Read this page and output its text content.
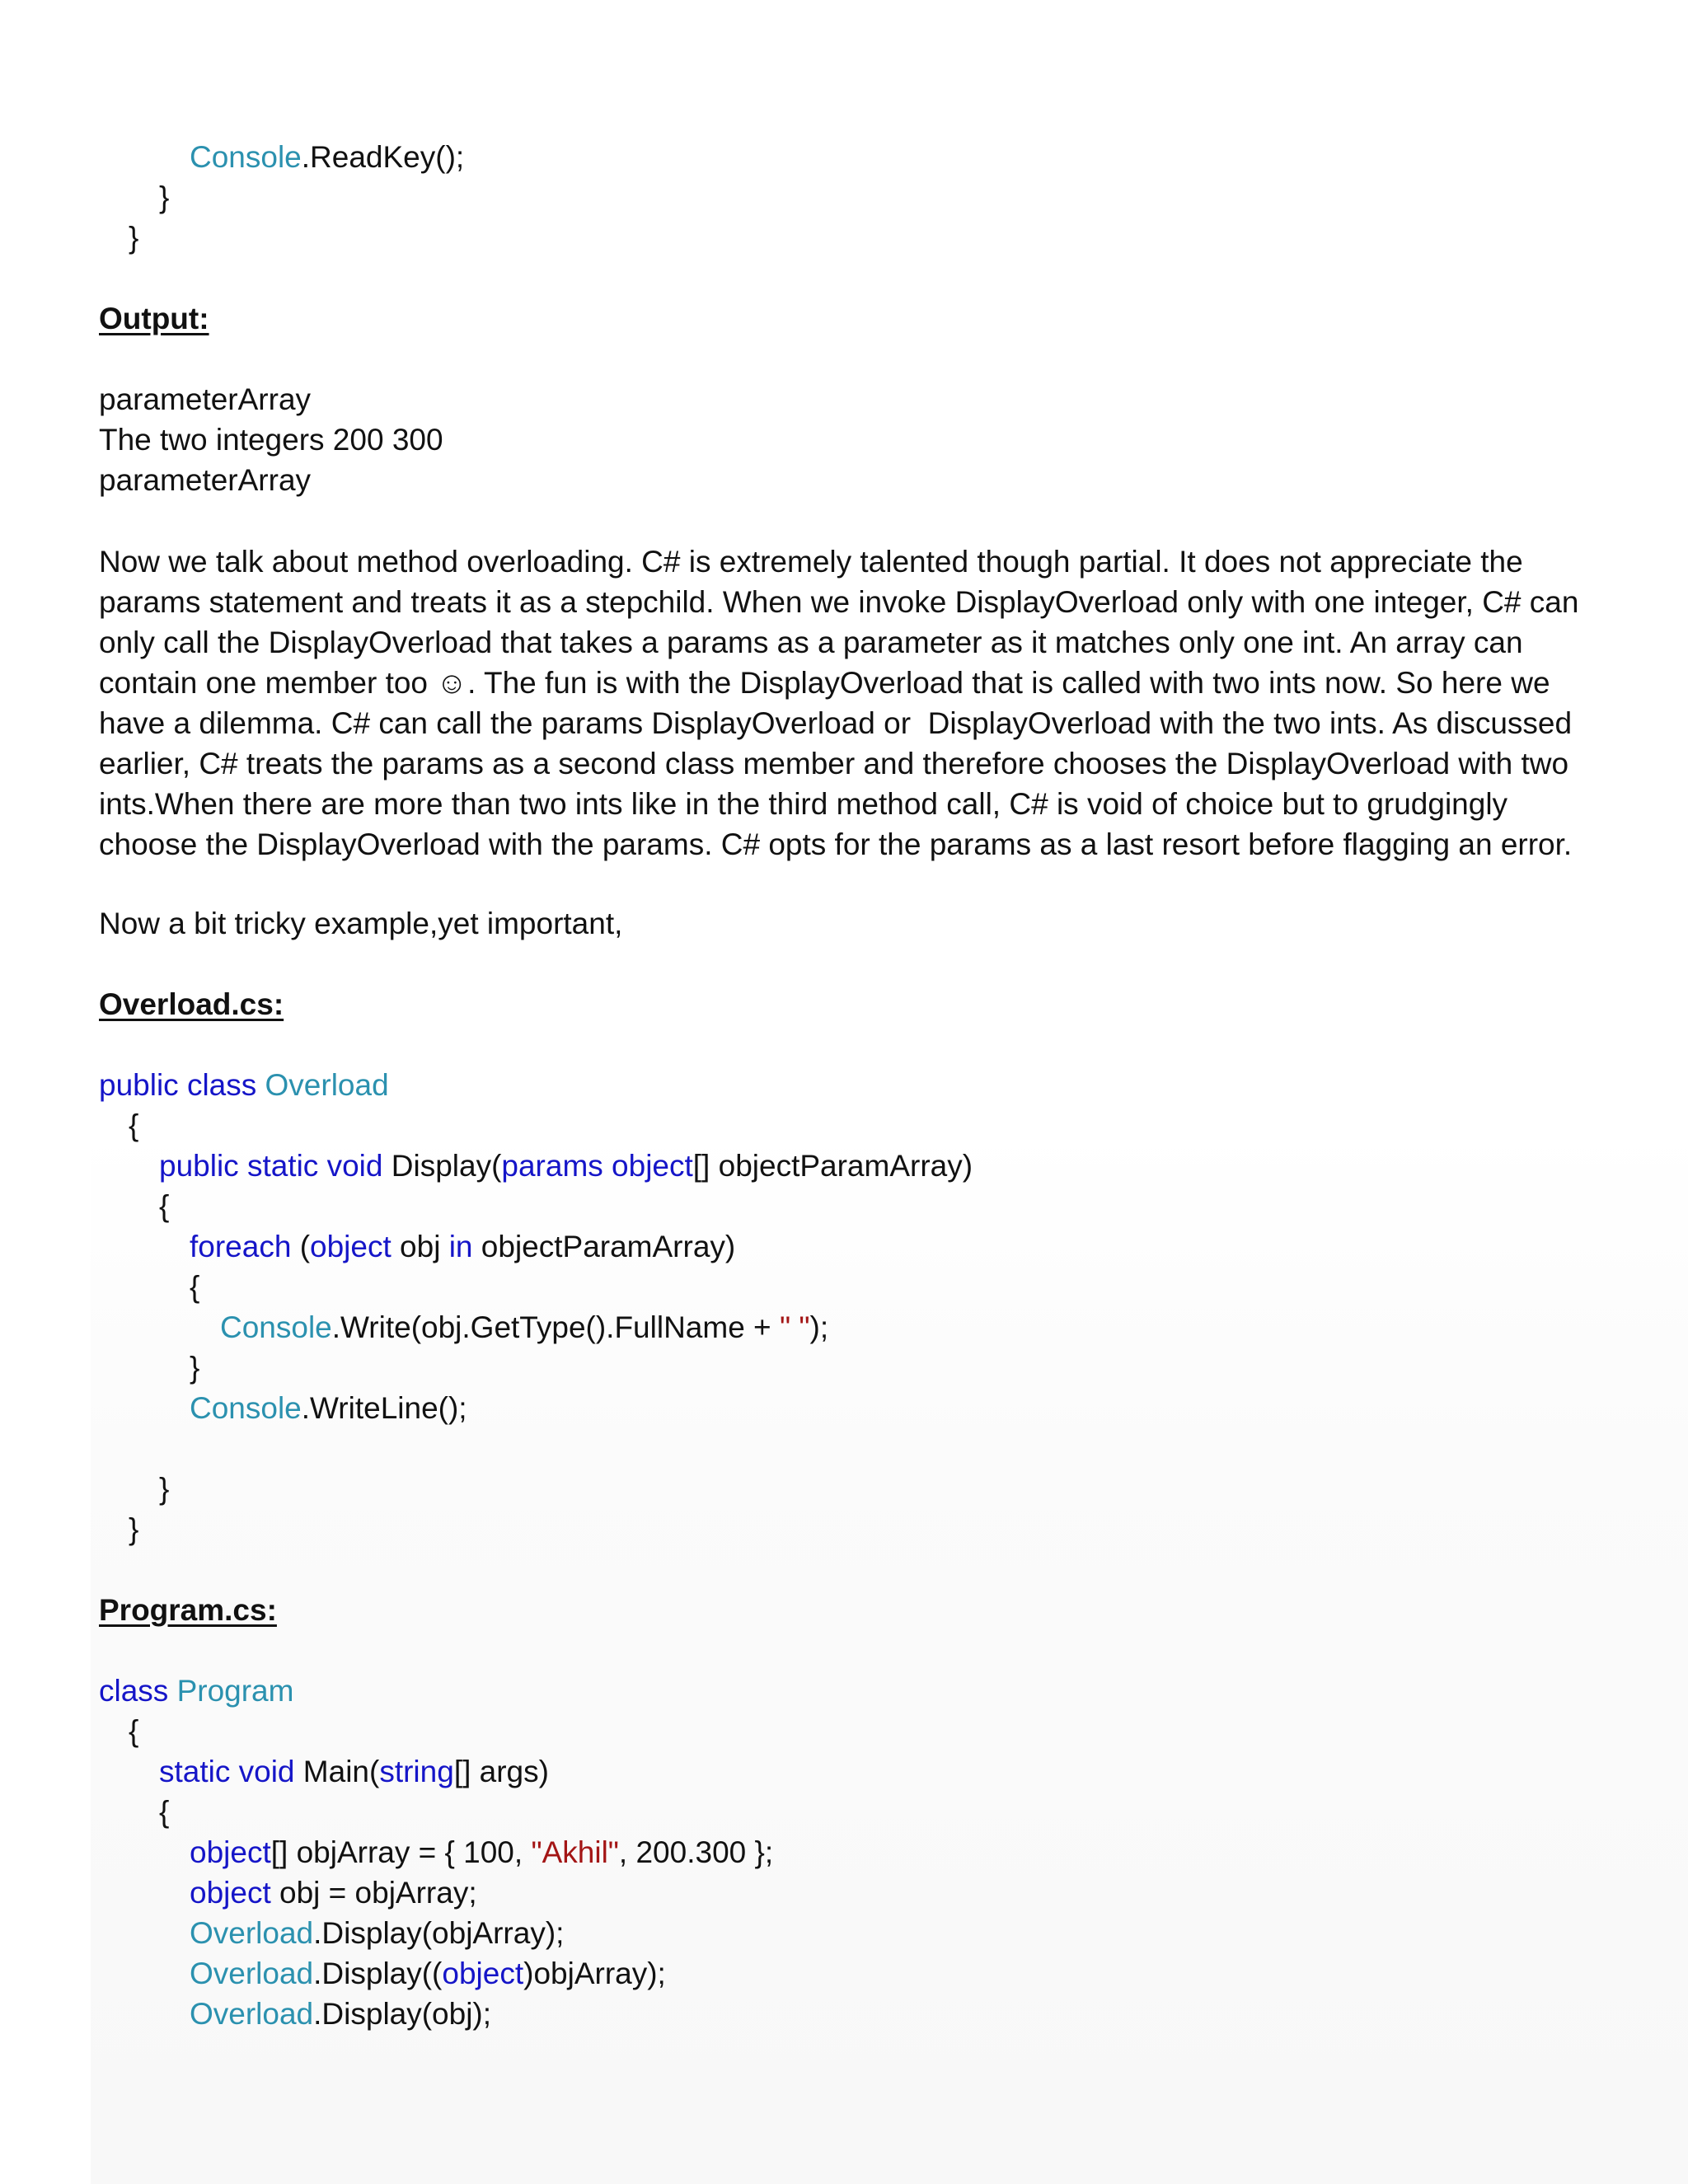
Console.ReadKey();
}
}
Output:
parameterArray
The two integers 200 300
parameterArray

Now we talk about method overloading. C# is extremely talented though partial. It does not appreciate the

params statement and treats it as a stepchild. When we invoke DisplayOverload only with one integer, C# can

only call the DisplayOverload that takes a params as a parameter as it matches only one int. An array can

contain one member too ☺. The fun is with the DisplayOverload that is called with two ints now. So here we

have a dilemma. C# can call the params DisplayOverload or  DisplayOverload with the two ints. As discussed

earlier, C# treats the params as a second class member and therefore chooses the DisplayOverload with two

ints.When there are more than two ints like in the third method call, C# is void of choice but to grudgingly

choose the DisplayOverload with the params. C# opts for the params as a last resort before flagging an error.

Now a bit tricky example,yet important,
Overload.cs:
public class Overload
{
public static void Display(params object[] objectParamArray)
{
foreach (object obj in objectParamArray)
{
Console.Write(obj.GetType().FullName + " ");
}
Console.WriteLine();
}
}
Program.cs:
class Program
{
static void Main(string[] args)
{
object[] objArray = { 100, "Akhil", 200.300 };
object obj = objArray;
Overload.Display(objArray);
Overload.Display((object)objArray);
Overload.Display(obj);
